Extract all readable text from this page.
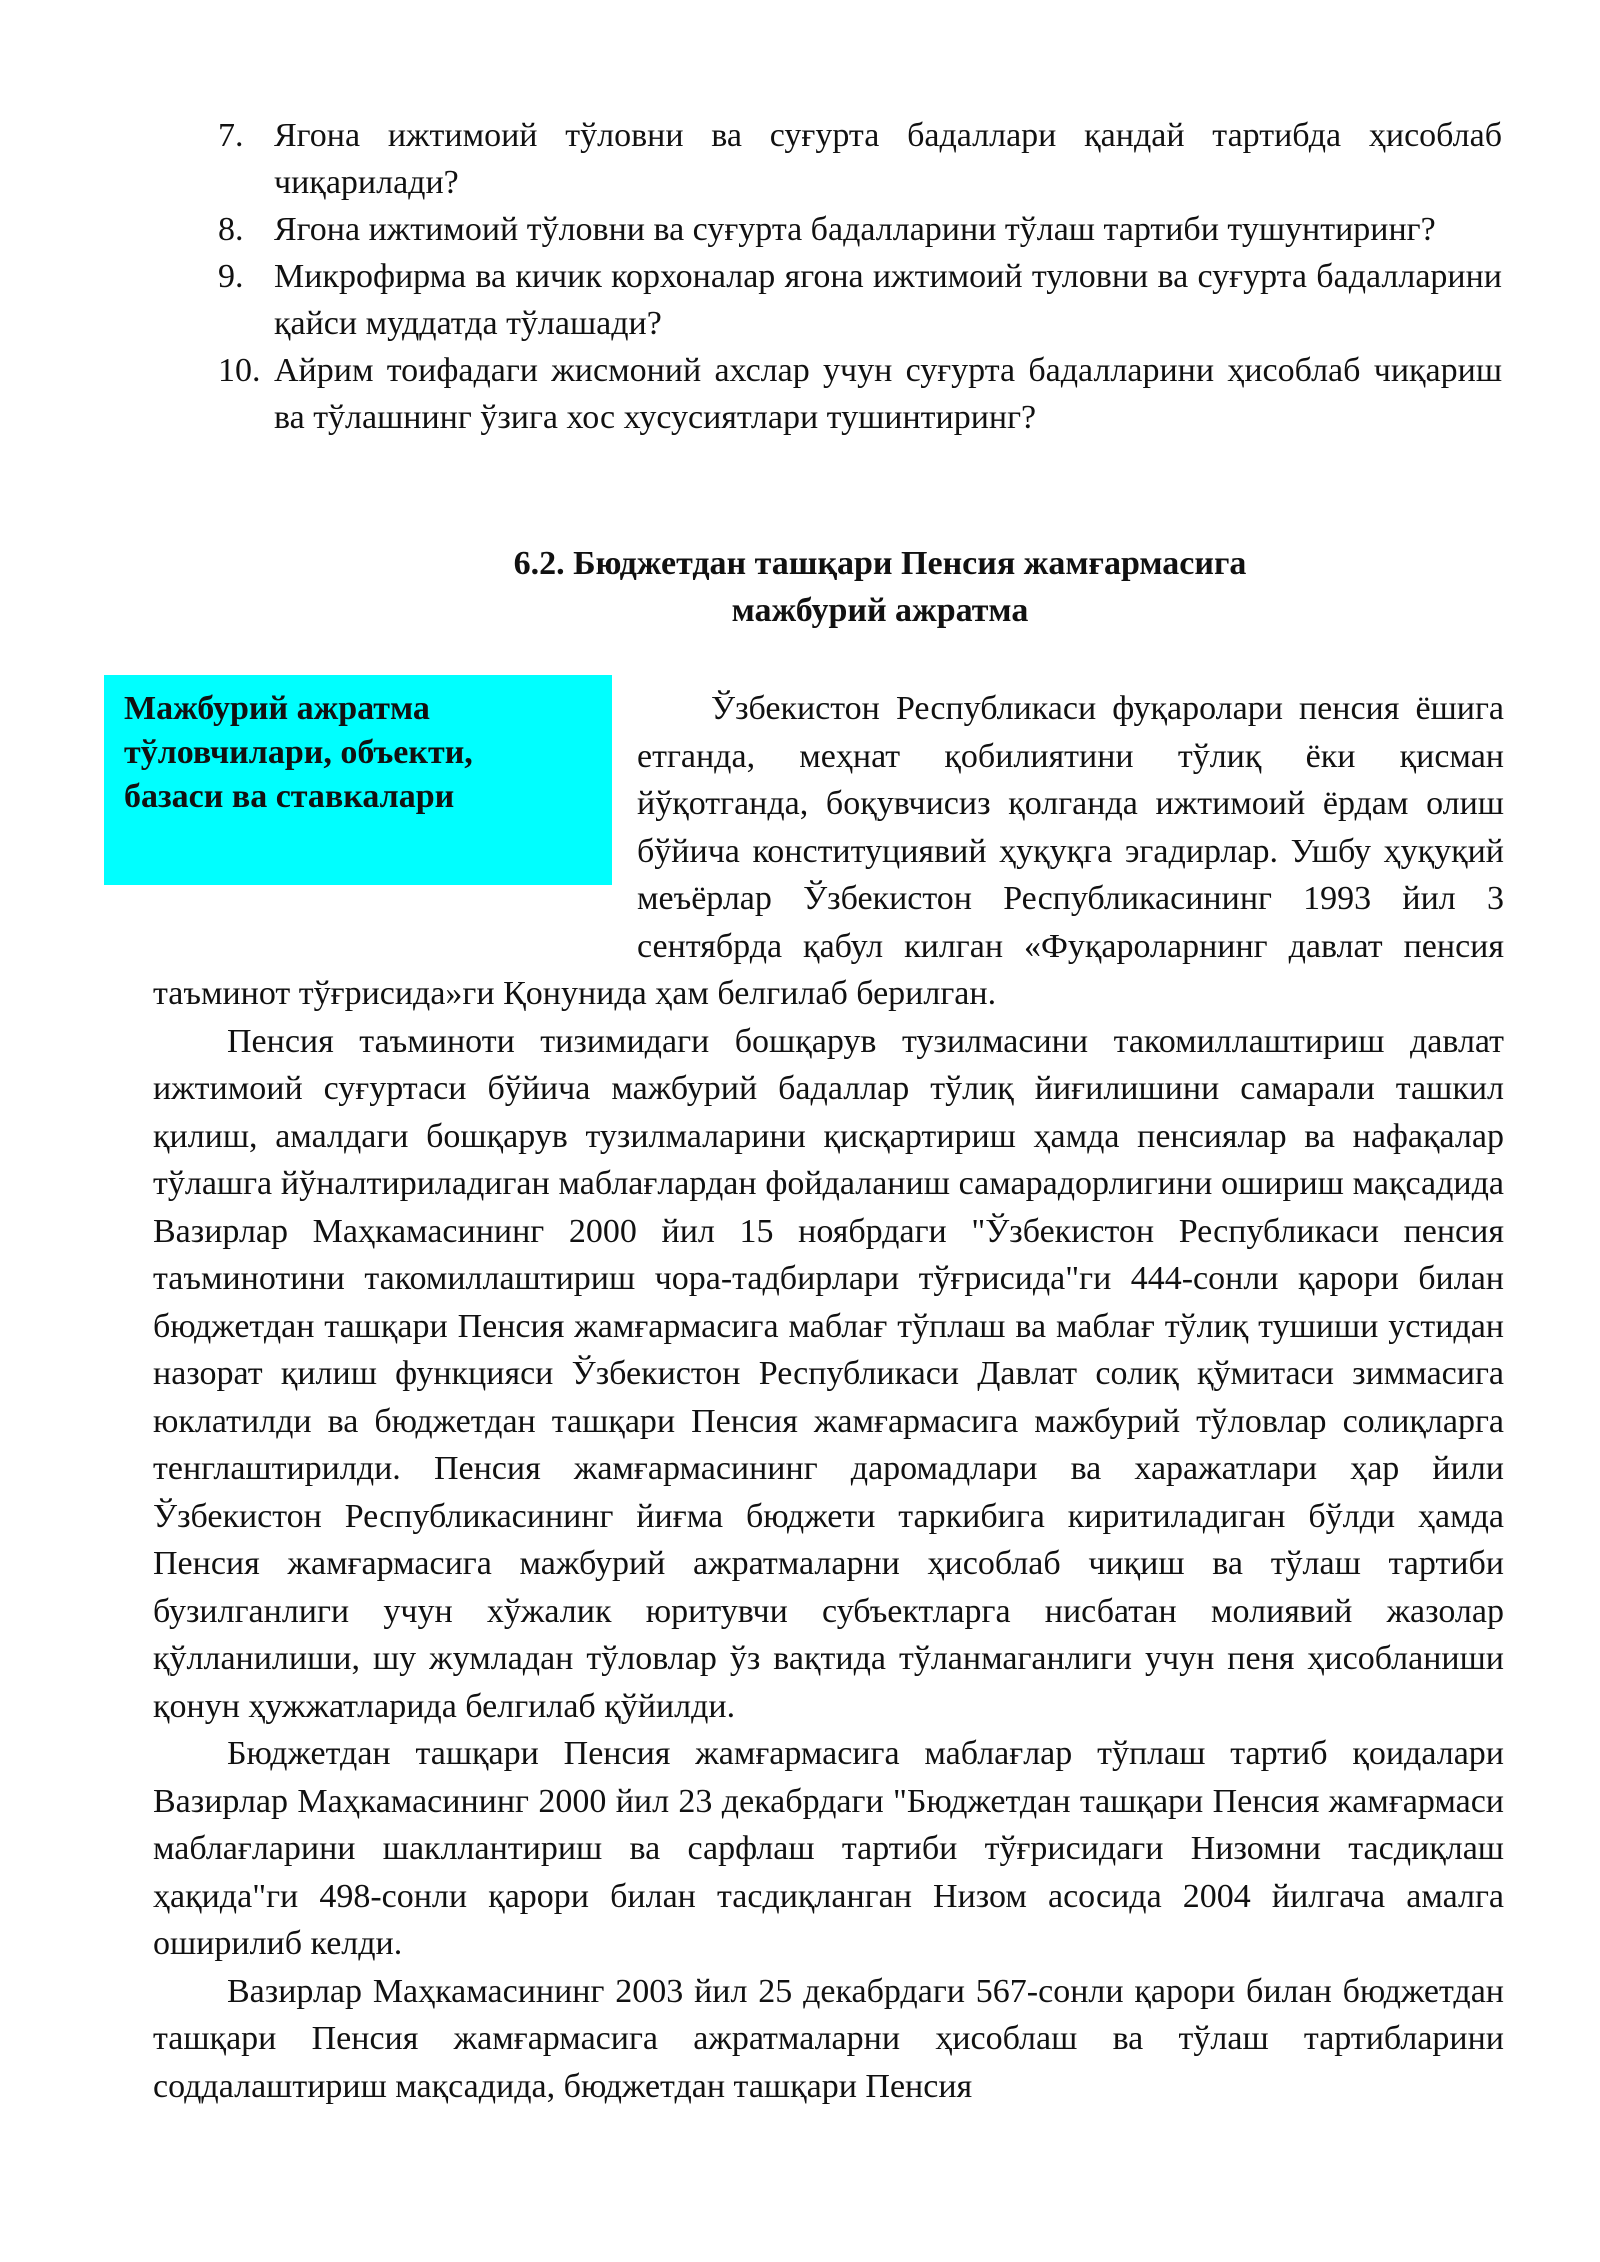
7. Ягона ижтимоий тўловни ва суғурта бадаллари қандай тартибда ҳисоблаб чиқарилади?
8. Ягона ижтимоий тўловни ва суғурта бадалларини тўлаш тартиби тушунтиринг?
9. Микрофирма ва кичик корхоналар ягона ижтимоий туловни ва суғурта бадалларини қайси муддатда тўлашади?
10. Айрим тоифадаги жисмоний ахслар учун суғурта бадалларини ҳисоблаб чиқариш ва тўлашнинг ўзига хос хусусиятлари тушинтиринг?
6.2. Бюджетдан ташқари Пенсия жамғармасига
мажбурий ажратма
Мажбурий ажратма
тўловчилари, объекти,
базаси ва ставкалари

Ўзбекистон Республикаси фуқаролари пенсия ёшига етганда, меҳнат қобилиятини тўлиқ ёки қисман йўқотганда, боқувчисиз қолганда ижтимоий ёрдам олиш бўйича конституциявий ҳуқуқга эгадирлар. Ушбу ҳуқуқий меъёрлар Ўзбекистон Республикасининг 1993 йил 3 сентябрда қабул килган «Фуқароларнинг давлат пенсия таъминот тўғрисида»ги Қонунида ҳам белгилаб берилган.

Пенсия таъминоти тизимидаги бошқарув тузилмасини такомиллаштириш давлат ижтимоий суғуртаси бўйича мажбурий бадаллар тўлиқ йиғилишини самарали ташкил қилиш, амалдаги бошқарув тузилмаларини қисқартириш ҳамда пенсиялар ва нафақалар тўлашга йўналтириладиган маблағлардан фойдаланиш самарадорлигини ошириш мақсадида Вазирлар Маҳкамасининг 2000 йил 15 ноябрдаги "Ўзбекистон Республикаси пенсия таъминотини такомиллаштириш чора-тадбирлари тўғрисида"ги 444-сонли қарори билан бюджетдан ташқари Пенсия жамғармасига маблағ тўплаш ва маблағ тўлиқ тушиши устидан назорат қилиш функцияси Ўзбекистон Республикаси Давлат солиқ қўмитаси зиммасига юклатилди ва бюджетдан ташқари Пенсия жамғармасига мажбурий тўловлар солиқларга тенглаштирилди. Пенсия жамғармасининг даромадлари ва харажатлари ҳар йили Ўзбекистон Республикасининг йиғма бюджети таркибига киритиладиган бўлди ҳамда Пенсия жамғармасига мажбурий ажратмаларни ҳисоблаб чиқиш ва тўлаш тартиби бузилганлиги учун хўжалик юритувчи субъектларга нисбатан молиявий жазолар қўлланилиши, шу жумладан тўловлар ўз вақтида тўланмаганлиги учун пеня ҳисобланиши қонун ҳужжатларида белгилаб қўйилди.

Бюджетдан ташқари Пенсия жамғармасига маблағлар тўплаш тартиб қоидалари Вазирлар Маҳкамасининг 2000 йил 23 декабрдаги "Бюджетдан ташқари Пенсия жамғармаси маблағларини шакллантириш ва сарфлаш тартиби тўғрисидаги Низомни тасдиқлаш ҳақида"ги 498-сонли қарори билан тасдиқланган Низом асосида 2004 йилгача амалга оширилиб келди.

Вазирлар Маҳкамасининг 2003 йил 25 декабрдаги 567-сонли қарори билан бюджетдан ташқари Пенсия жамғармасига ажратмаларни ҳисоблаш ва тўлаш тартибларини соддалаштириш мақсадида, бюджетдан ташқари Пенсия
